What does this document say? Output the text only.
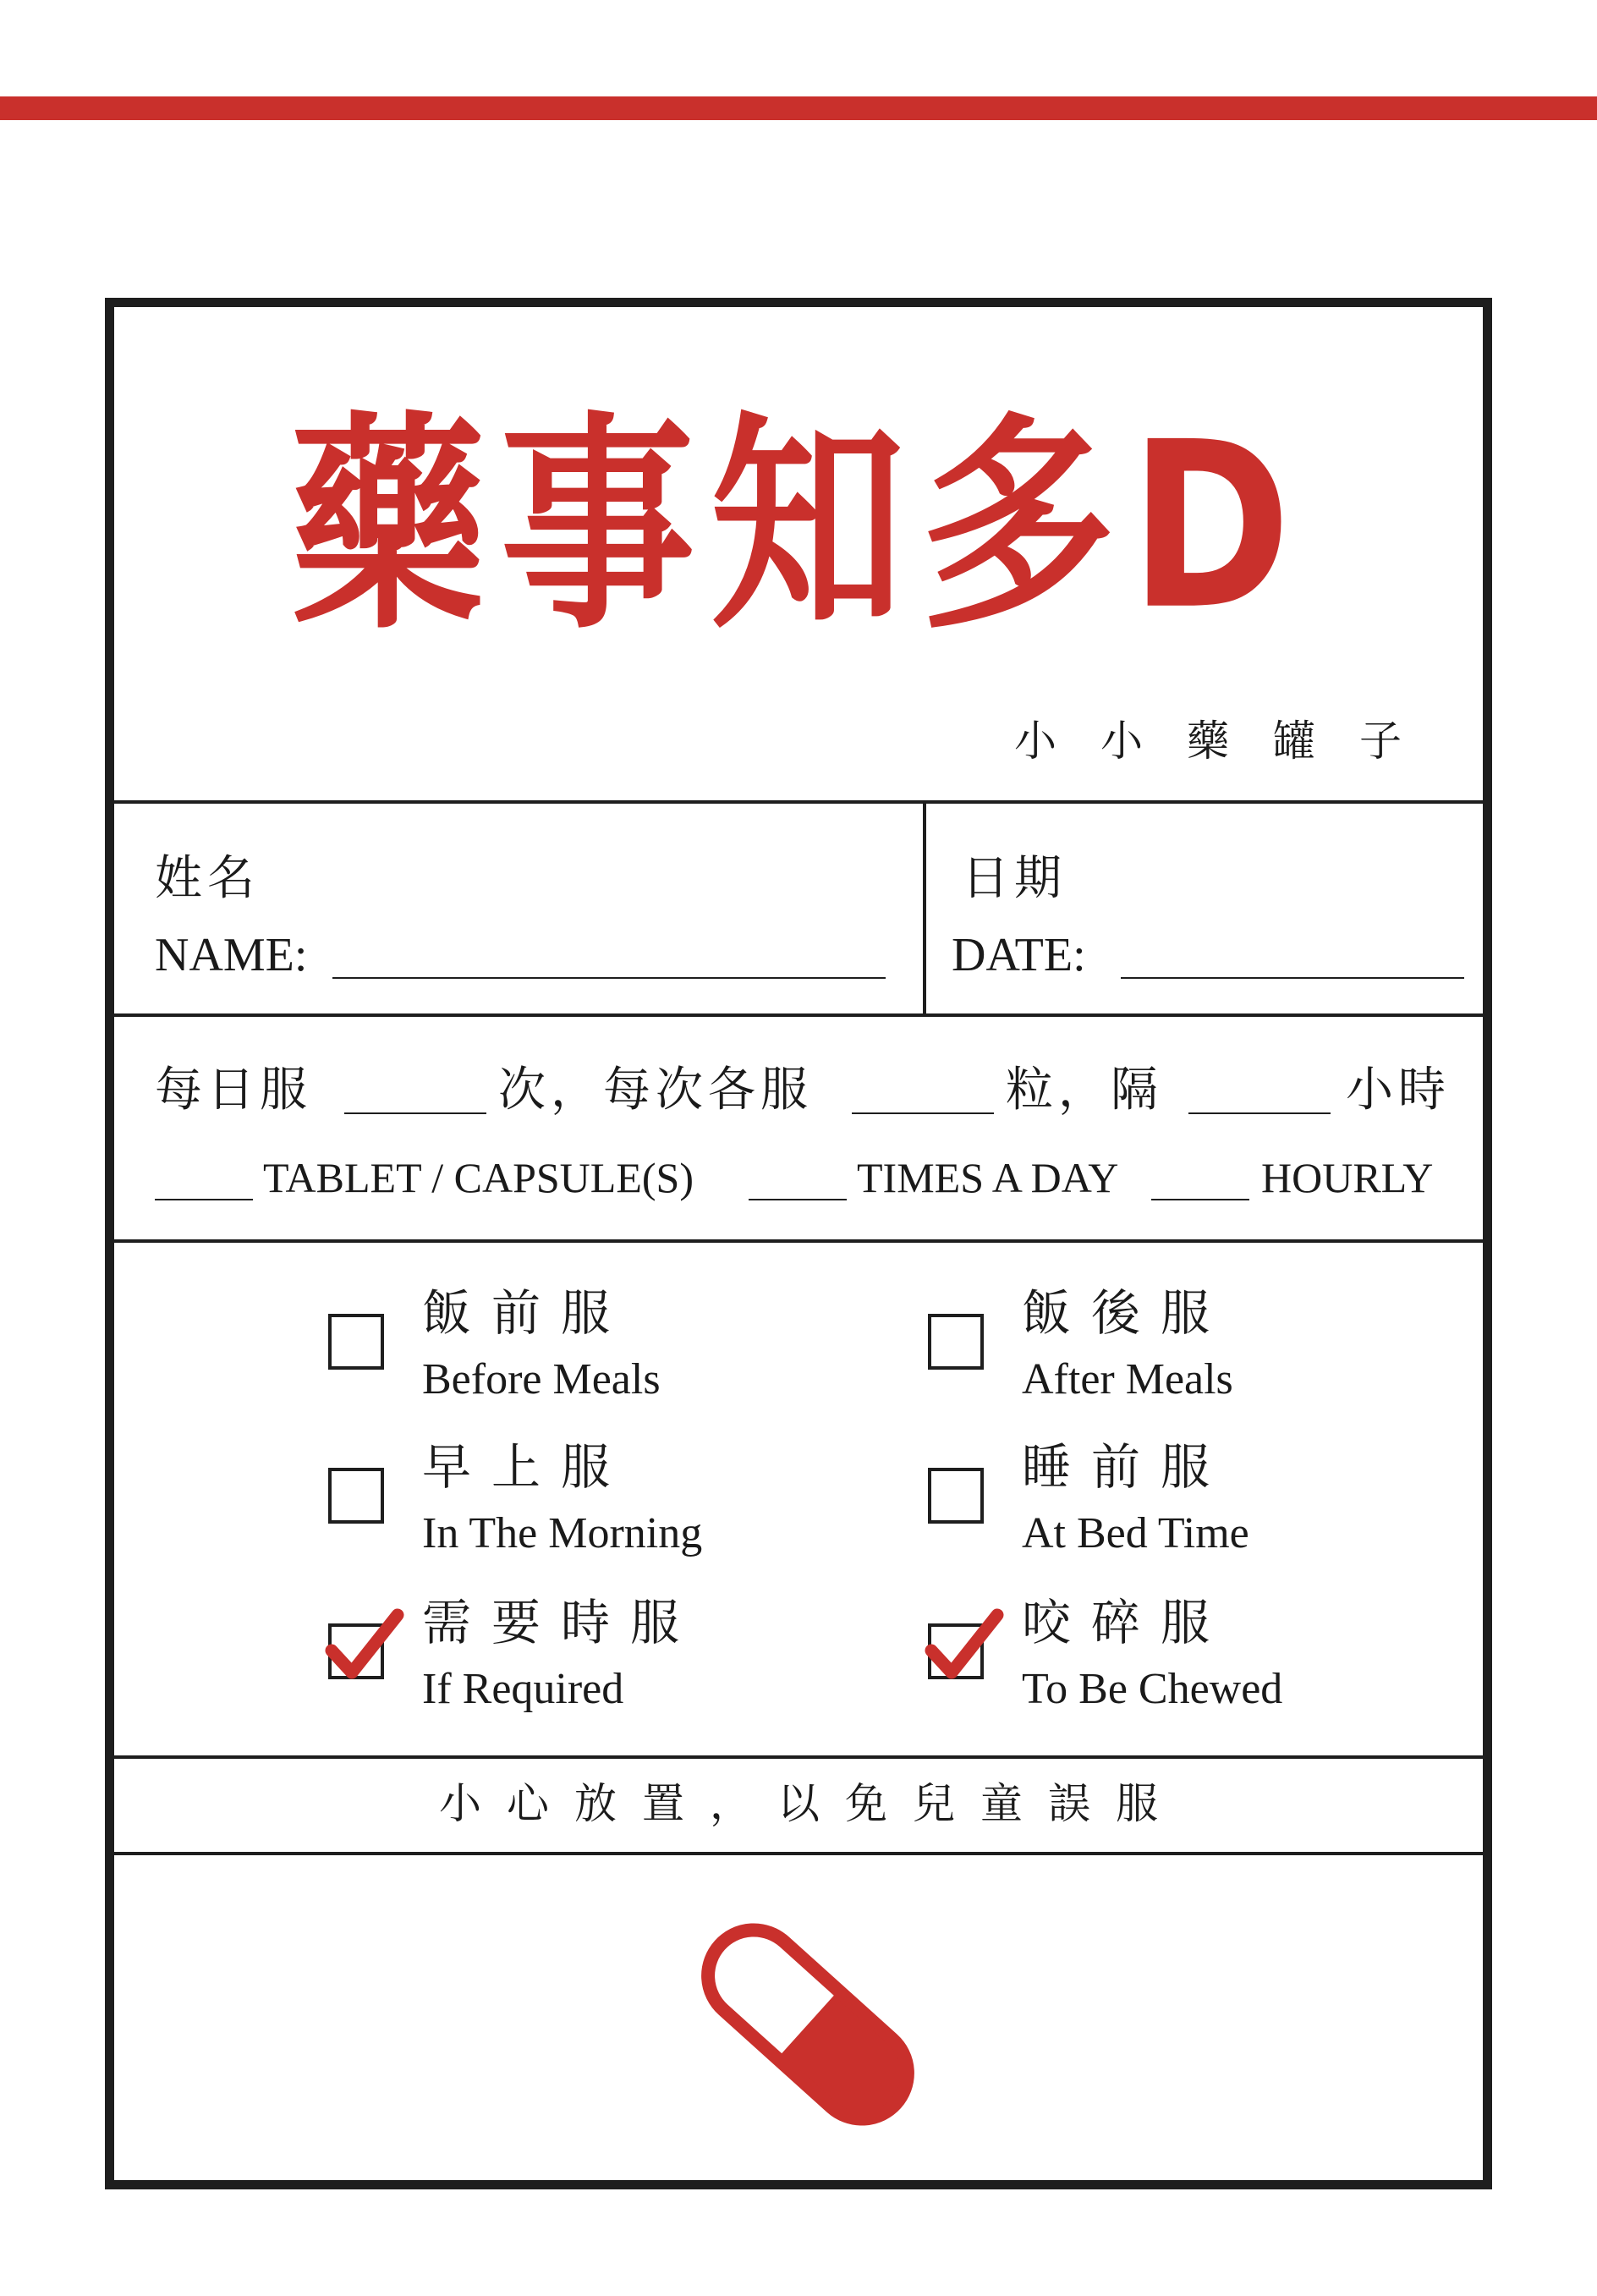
藥事知多D
小小藥罐子
姓名
NAME:
日期
DATE:
每日服	次，每次各服	粒，隔	小時
TABLET / CAPSULE(S)	TIMES A DAY	HOURLY
飯前服
Before Meals
飯後服
After Meals
早上服
In The Morning
睡前服
At Bed Time
需要時服
If Required
咬碎服
To Be Chewed
小心放置，以免兒童誤服
